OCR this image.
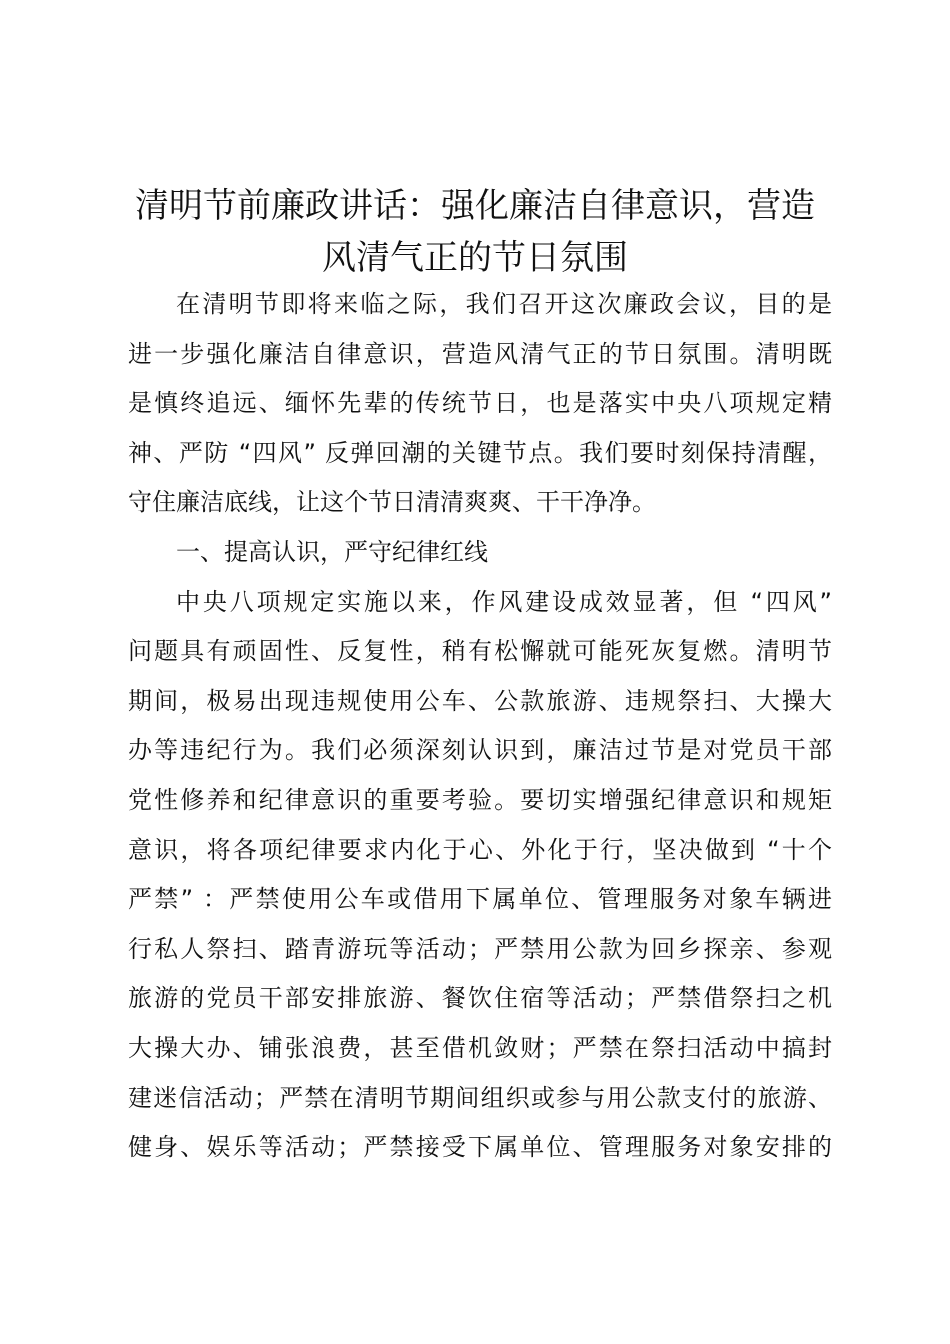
清明节前廉政讲话：强化廉洁自律意识，营造
风清气正的节日氛围

在清明节即将来临之际，我们召开这次廉政会议，目的是
进一步强化廉洁自律意识，营造风清气正的节日氛围。清明既
是慎终追远、缅怀先辈的传统节日，也是落实中央八项规定精
神、严防 “四风” 反弹回潮的关键节点。我们要时刻保持清醒，
守住廉洁底线，让这个节日清清爽爽、干干净净。

一、提高认识，严守纪律红线

中央八项规定实施以来，作风建设成效显著，但 “四风”
问题具有顽固性、反复性，稍有松懈就可能死灰复燃。清明节
期间，极易出现违规使用公车、公款旅游、违规祭扫、大操大
办等违纪行为。我们必须深刻认识到，廉洁过节是对党员干部
党性修养和纪律意识的重要考验。要切实增强纪律意识和规矩
意识，将各项纪律要求内化于心、外化于行，坚决做到 “十个
严禁” ：严禁使用公车或借用下属单位、管理服务对象车辆进
行私人祭扫、踏青游玩等活动；严禁用公款为回乡探亲、参观
旅游的党员干部安排旅游、餐饮住宿等活动；严禁借祭扫之机
大操大办、铺张浪费，甚至借机敛财；严禁在祭扫活动中搞封
建迷信活动；严禁在清明节期间组织或参与用公款支付的旅游、
健身、娱乐等活动；严禁接受下属单位、管理服务对象安排的
